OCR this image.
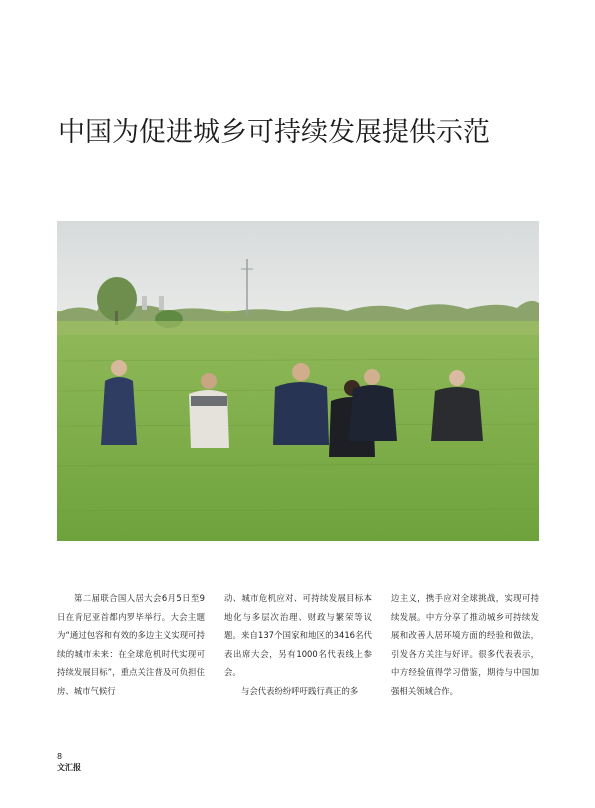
中国为促进城乡可持续发展提供示范

第二届联合国人居大会6月5日至9日在肯尼亚首都内罗毕举行。大会主题为“通过包容和有效的多边主义实现可持续的城市未来：在全球危机时代实现可持续发展目标”，重点关注普及可负担住房、城市气候行

动、城市危机应对、可持续发展目标本地化与多层次治理、财政与繁荣等议题。来自137个国家和地区的3416名代表出席大会，另有1000名代表线上参会。

与会代表纷纷呼吁践行真正的多

边主义，携手应对全球挑战，实现可持续发展。中方分享了推动城乡可持续发展和改善人居环境方面的经验和做法，引发各方关注与好评。很多代表表示，中方经验值得学习借鉴，期待与中国加强相关领域合作。

8
文汇报
